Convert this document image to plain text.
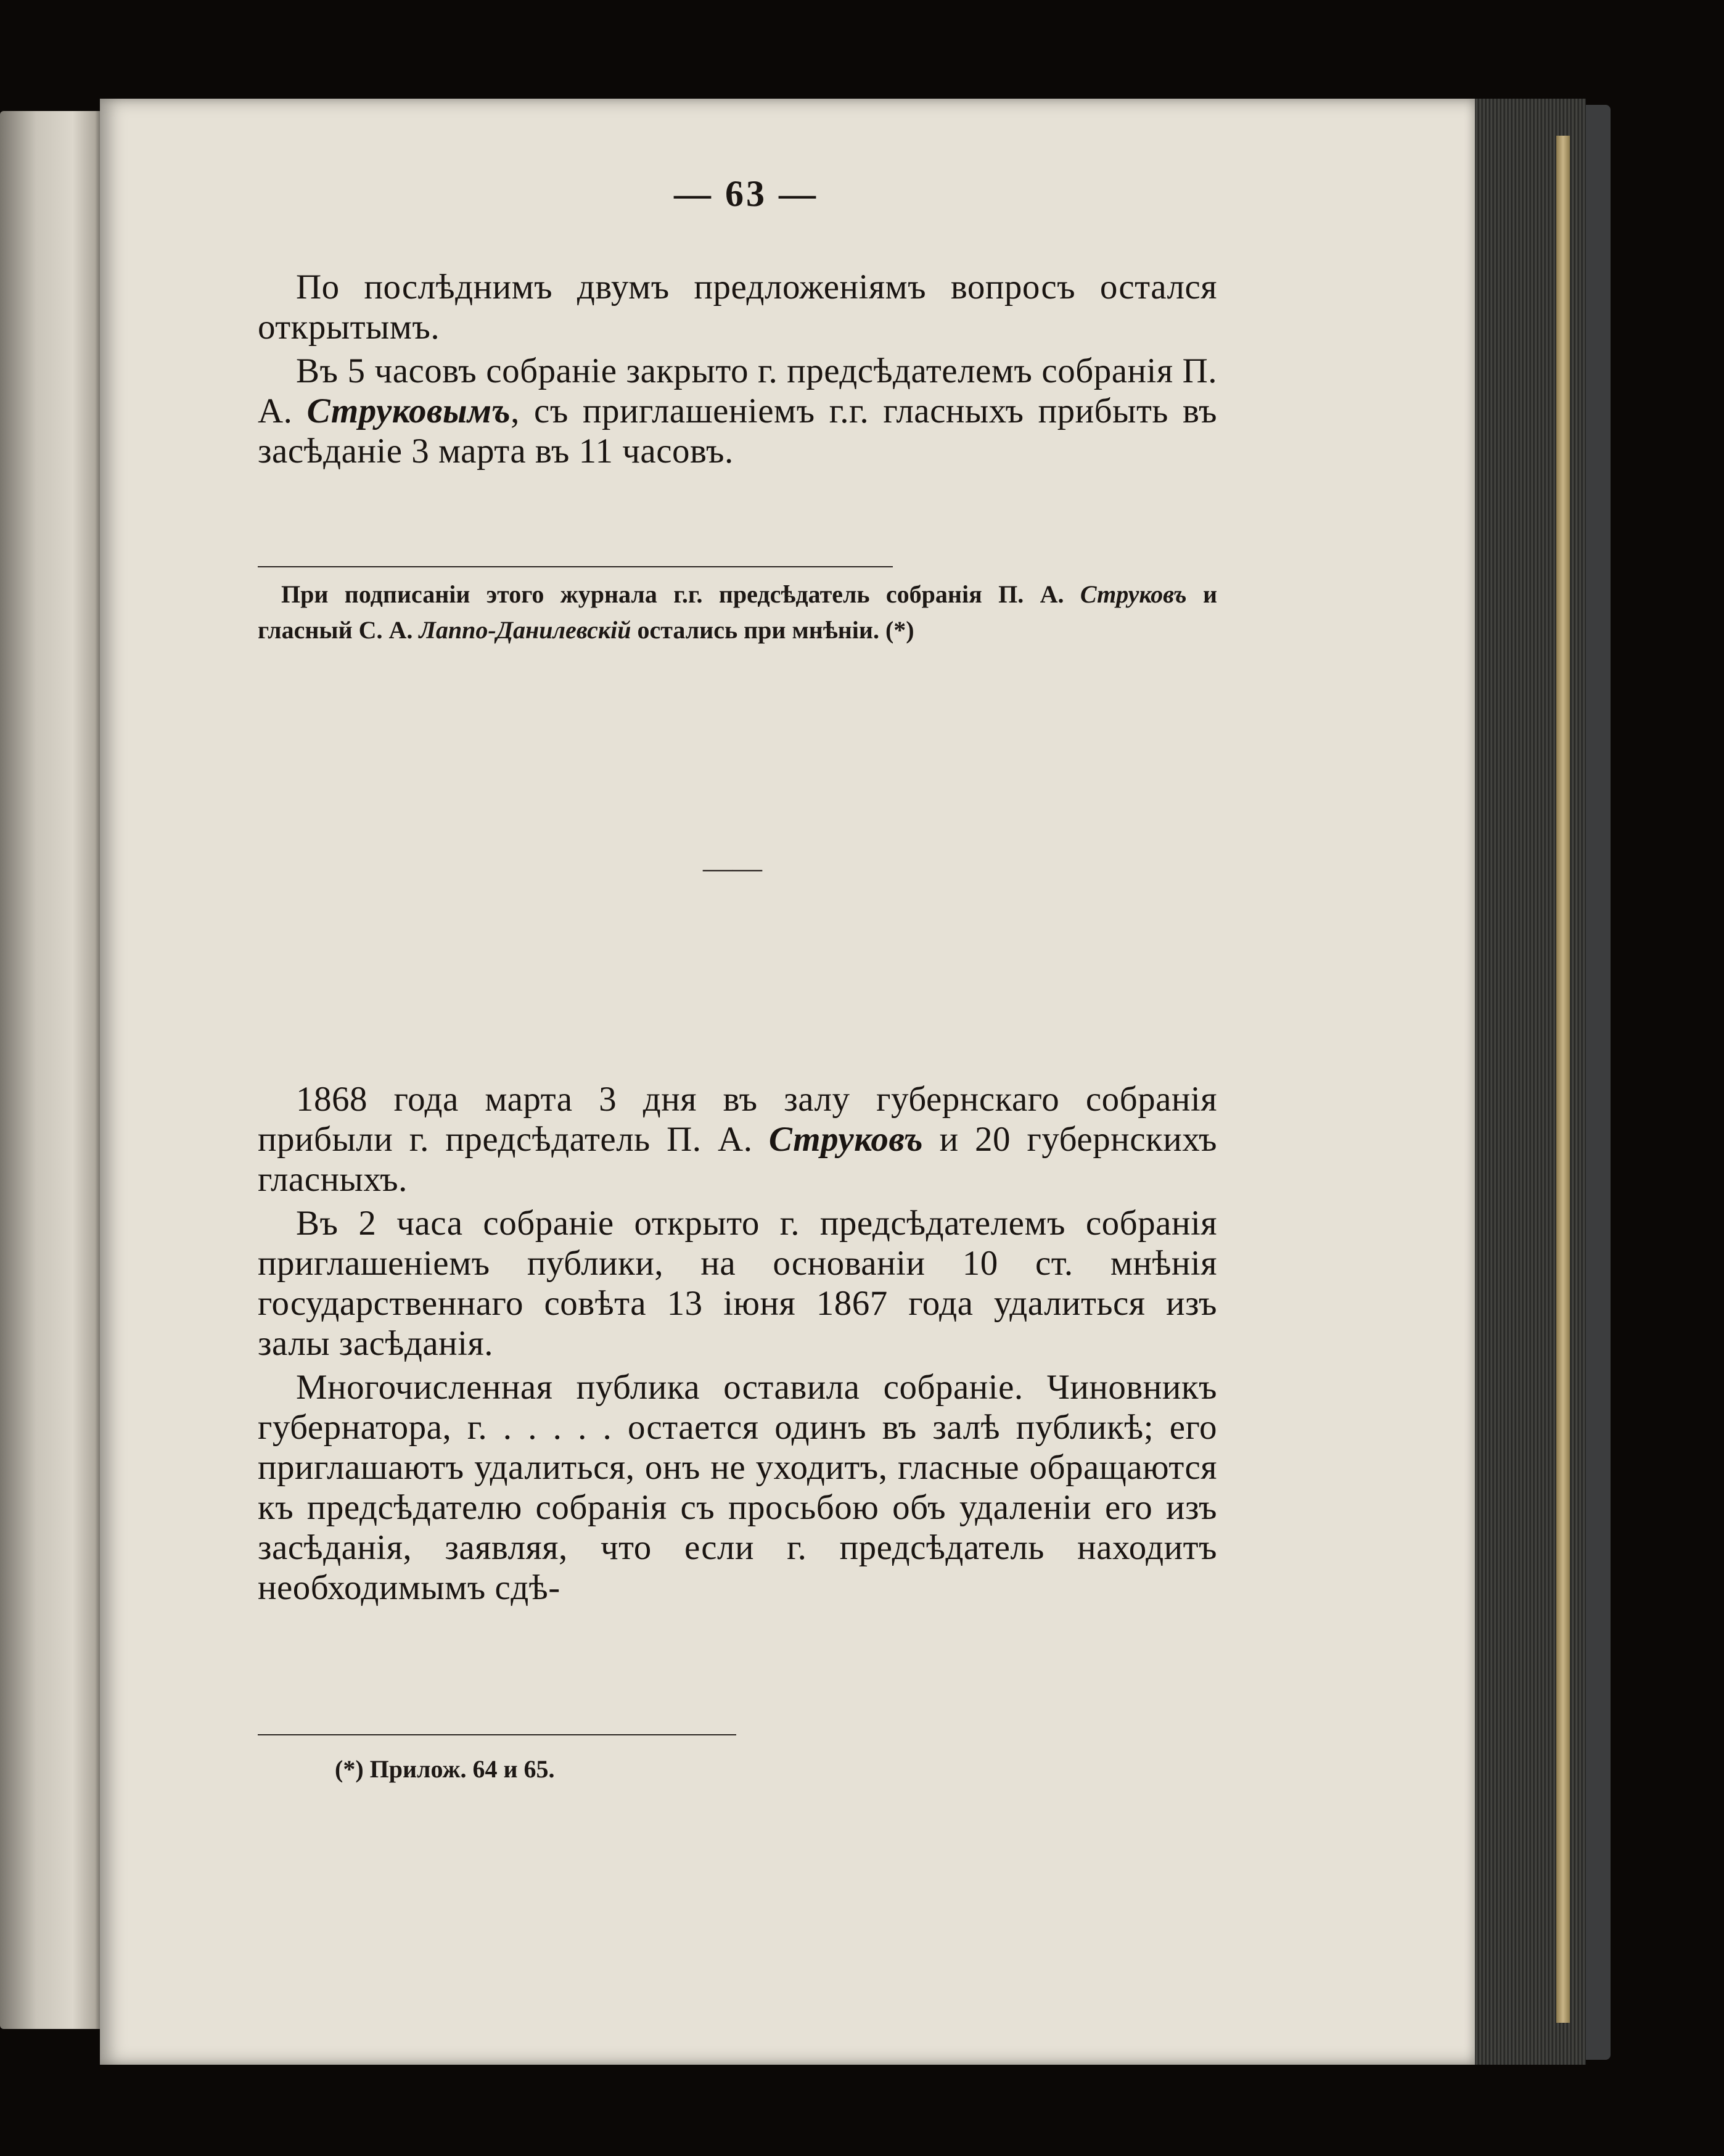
— 63 —

По послѣднимъ двумъ предложеніямъ вопросъ остался открытымъ.

Въ 5 часовъ собраніе закрыто г. предсѣдателемъ собранія П. А. Струковымъ, съ приглашеніемъ г.г. гласныхъ прибыть въ засѣданіе 3 марта въ 11 часовъ.

При подписаніи этого журнала г.г. предсѣдатель собранія П. А. Струковъ и гласный С. А. Лаппо-Данилевскій остались при мнѣніи. (*)

——

1868 года марта 3 дня въ залу губернскаго собранія прибыли г. предсѣдатель П. А. Струковъ и 20 губернскихъ гласныхъ.

Въ 2 часа собраніе открыто г. предсѣдателемъ собранія приглашеніемъ публики, на основаніи 10 ст. мнѣнія государственнаго совѣта 13 іюня 1867 года удалиться изъ залы засѣданія.

Многочисленная публика оставила собраніе. Чиновникъ губернатора, г. . . . . . остается одинъ въ залѣ публикѣ; его приглашаютъ удалиться, онъ не уходитъ, гласные обращаются къ предсѣдателю собранія съ просьбою объ удаленіи его изъ засѣданія, заявляя, что если г. предсѣдатель находитъ необходимымъ сдѣ-

(*) Прилож. 64 и 65.
